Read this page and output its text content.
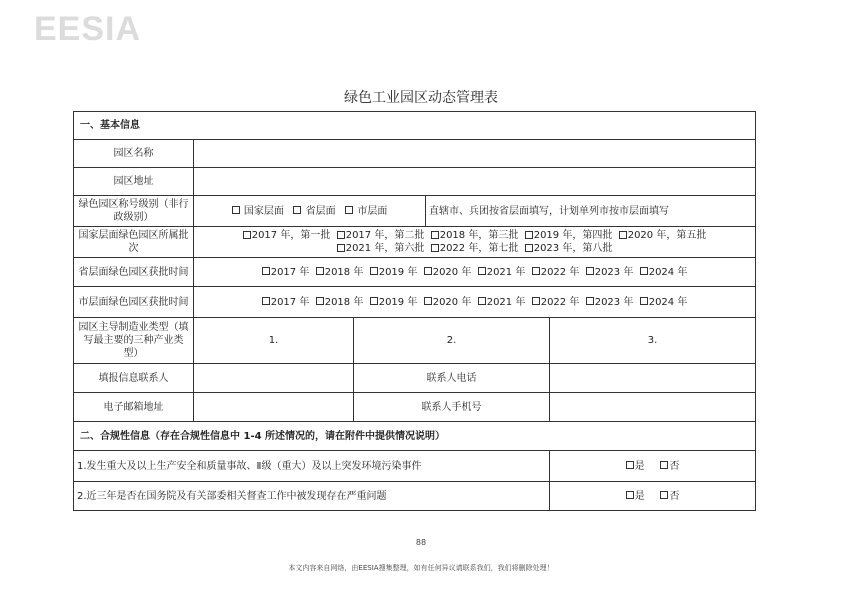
EESIA
绿色工业园区动态管理表
一、基本信息				
园区名称				
园区地址				
绿色园区称号级别（非行政级别）	国家层面 省层面 市层面		直辖市、兵团按省层面填写，计划单列市按市层面填写	
国家层面绿色园区所属批次	2017 年，第一批 2017 年，第二批 2018 年，第三批 2019 年，第四批 2020 年，第五批
2021 年，第六批 2022 年，第七批 2023 年，第八批			

省层面绿色园区获批时间	2017 年 2018 年 2019 年 2020 年 2021 年 2022 年 2023 年 2024 年			
市层面绿色园区获批时间	2017 年 2018 年 2019 年 2020 年 2021 年 2022 年 2023 年 2024 年			
园区主导制造业类型（填写最主要的三种产业类型）	1.	2.		3.
填报信息联系人		联系人电话		
电子邮箱地址		联系人手机号		
二、合规性信息（存在合规性信息中 1-4 所述情况的，请在附件中提供情况说明）				
1.发生重大及以上生产安全和质量事故、Ⅱ级（重大）及以上突发环境污染事件				是 否
2.近三年是否在国务院及有关部委相关督查工作中被发现存在严重问题				是 否
88
本文内容来自网络，由EESIA搜集整理，如有任何异议请联系我们，我们将删除处理！
